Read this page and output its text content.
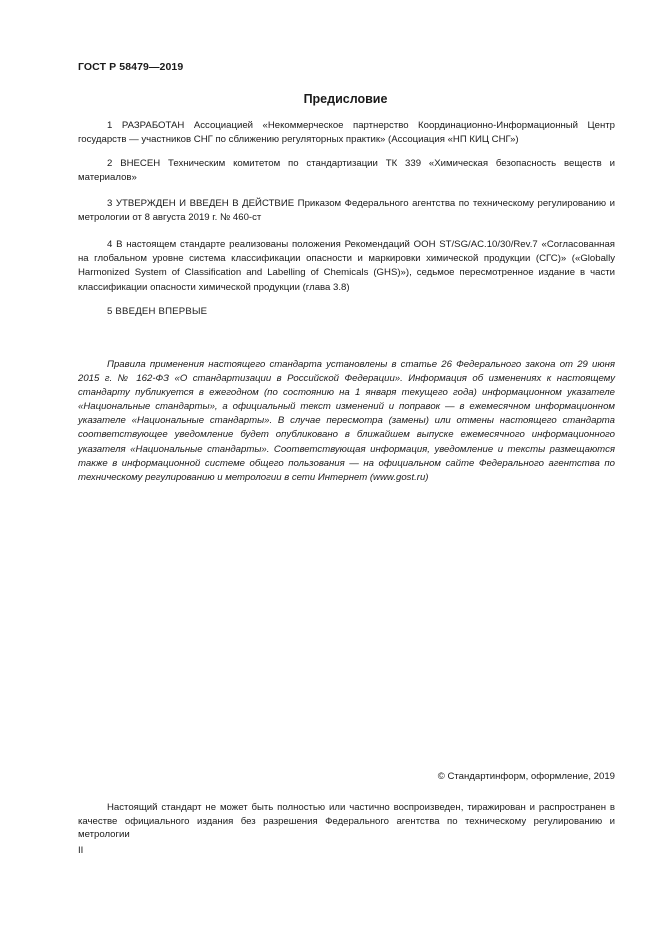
ГОСТ Р 58479—2019
Предисловие

1 РАЗРАБОТАН Ассоциацией «Некоммерческое партнерство Координационно-Информационный Центр государств — участников СНГ по сближению регуляторных практик» (Ассоциация «НП КИЦ СНГ»)

2 ВНЕСЕН Техническим комитетом по стандартизации ТК 339 «Химическая безопасность веществ и материалов»

3 УТВЕРЖДЕН И ВВЕДЕН В ДЕЙСТВИЕ Приказом Федерального агентства по техническому регулированию и метрологии от 8 августа 2019 г. № 460-ст

4 В настоящем стандарте реализованы положения Рекомендаций ООН ST/SG/AC.10/30/Rev.7 «Согласованная на глобальном уровне система классификации опасности и маркировки химической продукции (СГС)» («Globally Harmonized System of Classification and Labelling of Chemicals (GHS)»), седьмое пересмотренное издание в части классификации опасности химической продукции (глава 3.8)

5 ВВЕДЕН ВПЕРВЫЕ

Правила применения настоящего стандарта установлены в статье 26 Федерального закона от 29 июня 2015 г. № 162-ФЗ «О стандартизации в Российской Федерации». Информация об изменениях к настоящему стандарту публикуется в ежегодном (по состоянию на 1 января текущего года) информационном указателе «Национальные стандарты», а официальный текст изменений и поправок — в ежемесячном информационном указателе «Национальные стандарты». В случае пересмотра (замены) или отмены настоящего стандарта соответствующее уведомление будет опубликовано в ближайшем выпуске ежемесячного информационного указателя «Национальные стандарты». Соответствующая информация, уведомление и тексты размещаются также в информационной системе общего пользования — на официальном сайте Федерального агентства по техническому регулированию и метрологии в сети Интернет (www.gost.ru)

© Стандартинформ, оформление, 2019

Настоящий стандарт не может быть полностью или частично воспроизведен, тиражирован и распространен в качестве официального издания без разрешения Федерального агентства по техническому регулированию и метрологии

II
